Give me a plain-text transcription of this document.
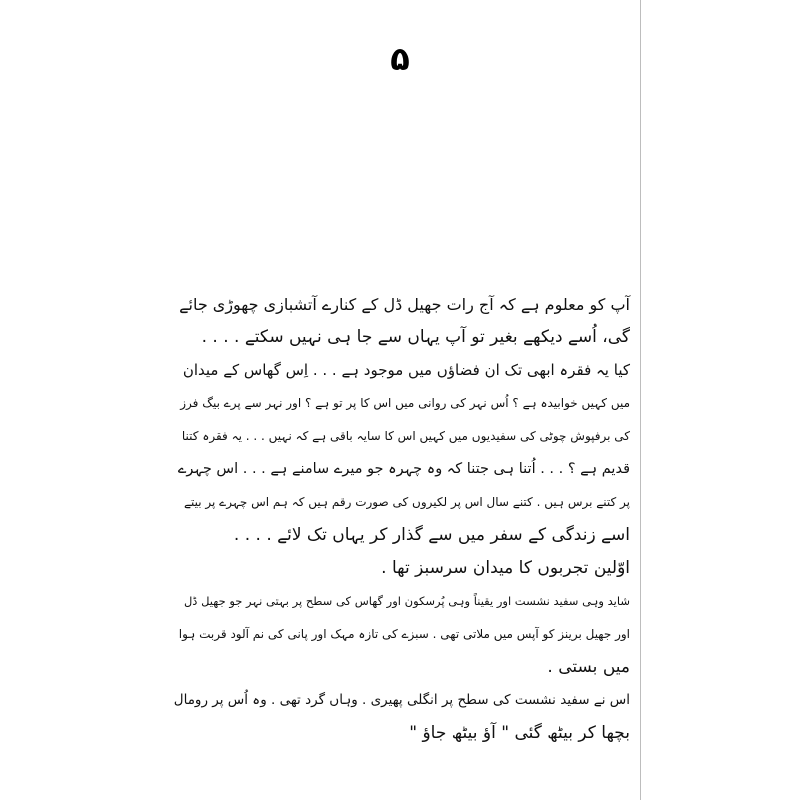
۵
آپ کو معلوم ہے کہ آج رات جھیل ڈل کے کنارے آتشبازی چھوڑی جائے
گی، اُسے دیکھے بغیر تو آپ یہاں سے جا ہی نہیں سکتے . . . .
کیا یہ فقرہ ابھی تک ان فضاؤں میں موجود ہے . . . اِس گھاس کے میدان
میں کہیں خوابیدہ ہے ؟ اُس نہر کی روانی میں اس کا پر تو ہے ؟ اور نہر سے پرے بیگ فرز
کی برفپوش چوٹی کی سفیدیوں میں کہیں اس کا سایہ باقی ہے کہ نہیں . . . یہ فقرہ کتنا
قدیم ہے ؟ . . . اُتنا ہی جتنا کہ وہ چہرہ جو میرے سامنے ہے . . . اس چہرے
پر کتنے برس ہیں . کتنے سال اس پر لکیروں کی صورت رقم ہیں کہ ہم اس چہرے پر بیتے
اسے زندگی کے سفر میں سے گذار کر یہاں تک لائے . . . .
اوّلین تجربوں کا میدان سرسبز تھا .
شاید وہی سفید نشست اور یقیناً وہی پُرسکون اور گھاس کی سطح پر بہتی نہر جو جھیل ڈل
اور جھیل برینز کو آپس میں ملاتی تھی . سبزے کی تازہ مہک اور پانی کی نم آلود قربت ہوا
میں بستی .
اس نے سفید نشست کی سطح پر انگلی پھیری . وہاں گرد تھی . وہ اُس پر رومال
بچھا کر بیٹھ گئی " آؤ بیٹھ جاؤ "
